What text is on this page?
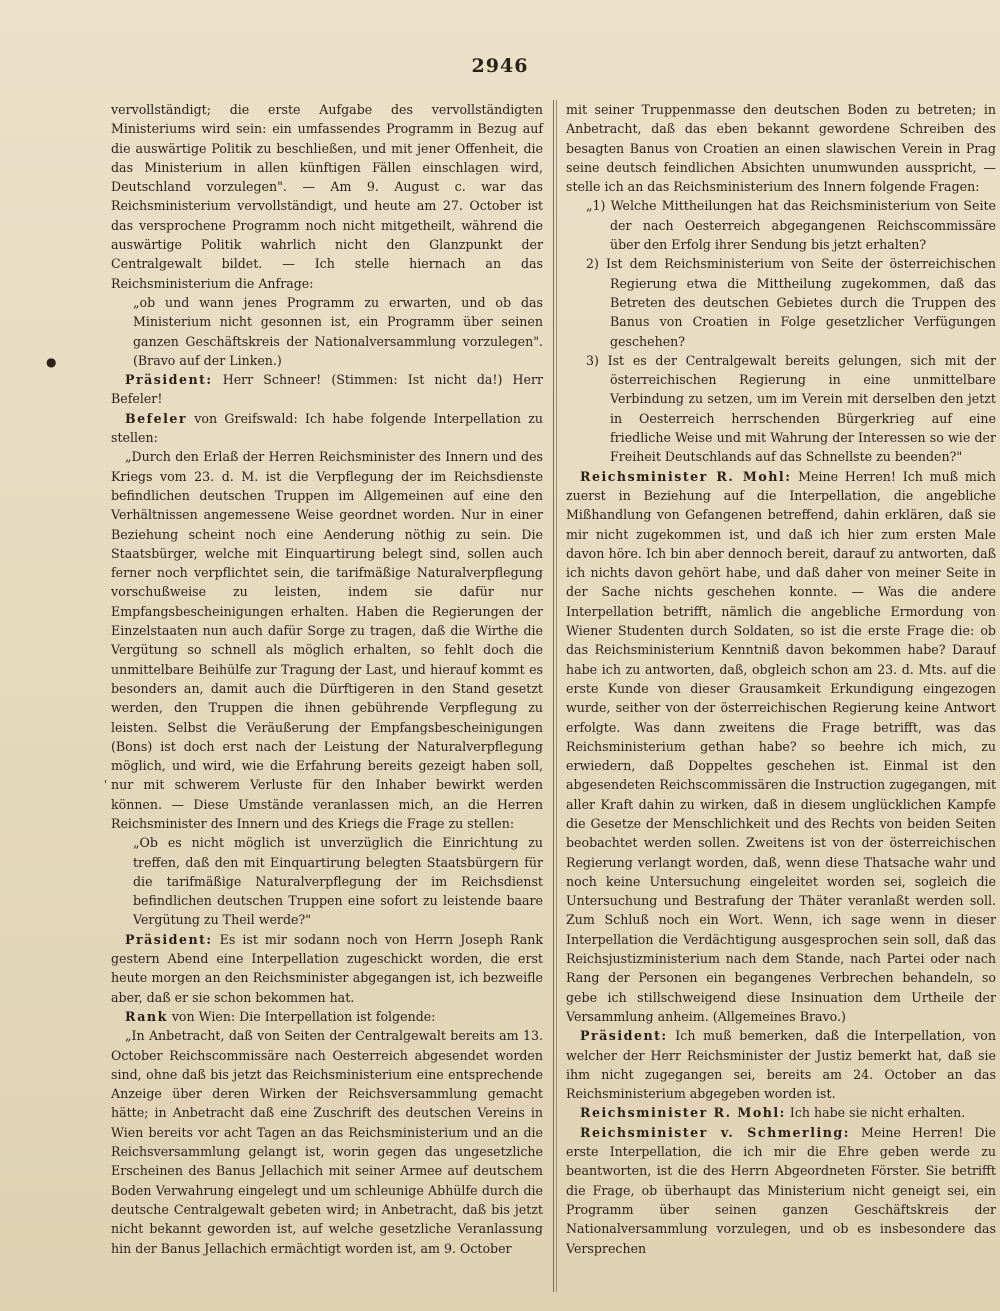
2946
●
'

vervollständigt; die erste Aufgabe des vervollständigten Ministeriums wird sein: ein umfassendes Programm in Bezug auf die auswärtige Politik zu beschließen, und mit jener Offenheit, die das Ministerium in allen künftigen Fällen einschlagen wird, Deutschland vorzulegen". — Am 9. August c. war das Reichsministerium vervollständigt, und heute am 27. October ist das versprochene Programm noch nicht mitgetheilt, während die auswärtige Politik wahrlich nicht den Glanzpunkt der Centralgewalt bildet. — Ich stelle hiernach an das Reichsministerium die Anfrage:

„ob und wann jenes Programm zu erwarten, und ob das Ministerium nicht gesonnen ist, ein Programm über seinen ganzen Geschäftskreis der Nationalversammlung vorzulegen". (Bravo auf der Linken.)

Präsident: Herr Schneer! (Stimmen: Ist nicht da!) Herr Befeler!

Befeler von Greifswald: Ich habe folgende Interpellation zu stellen:

„Durch den Erlaß der Herren Reichsminister des Innern und des Kriegs vom 23. d. M. ist die Verpflegung der im Reichsdienste befindlichen deutschen Truppen im Allgemeinen auf eine den Verhältnissen angemessene Weise geordnet worden. Nur in einer Beziehung scheint noch eine Aenderung nöthig zu sein. Die Staatsbürger, welche mit Einquartirung belegt sind, sollen auch ferner noch verpflichtet sein, die tarifmäßige Naturalverpflegung vorschußweise zu leisten, indem sie dafür nur Empfangsbescheinigungen erhalten. Haben die Regierungen der Einzelstaaten nun auch dafür Sorge zu tragen, daß die Wirthe die Vergütung so schnell als möglich erhalten, so fehlt doch die unmittelbare Beihülfe zur Tragung der Last, und hierauf kommt es besonders an, damit auch die Dürftigeren in den Stand gesetzt werden, den Truppen die ihnen gebührende Verpflegung zu leisten. Selbst die Veräußerung der Empfangsbescheinigungen (Bons) ist doch erst nach der Leistung der Naturalverpflegung möglich, und wird, wie die Erfahrung bereits gezeigt haben soll, nur mit schwerem Verluste für den Inhaber bewirkt werden können. — Diese Umstände veranlassen mich, an die Herren Reichsminister des Innern und des Kriegs die Frage zu stellen:

„Ob es nicht möglich ist unverzüglich die Einrichtung zu treffen, daß den mit Einquartirung belegten Staatsbürgern für die tarifmäßige Naturalverpflegung der im Reichsdienst befindlichen deutschen Truppen eine sofort zu leistende baare Vergütung zu Theil werde?"

Präsident: Es ist mir sodann noch von Herrn Joseph Rank gestern Abend eine Interpellation zugeschickt worden, die erst heute morgen an den Reichsminister abgegangen ist, ich bezweifle aber, daß er sie schon bekommen hat.

Rank von Wien: Die Interpellation ist folgende:

„In Anbetracht, daß von Seiten der Centralgewalt bereits am 13. October Reichscommissäre nach Oesterreich abgesendet worden sind, ohne daß bis jetzt das Reichsministerium eine entsprechende Anzeige über deren Wirken der Reichsversammlung gemacht hätte; in Anbetracht daß eine Zuschrift des deutschen Vereins in Wien bereits vor acht Tagen an das Reichsministerium und an die Reichsversammlung gelangt ist, worin gegen das ungesetzliche Erscheinen des Banus Jellachich mit seiner Armee auf deutschem Boden Verwahrung eingelegt und um schleunige Abhülfe durch die deutsche Centralgewalt gebeten wird; in Anbetracht, daß bis jetzt nicht bekannt geworden ist, auf welche gesetzliche Veranlassung hin der Banus Jellachich ermächtigt worden ist, am 9. October

mit seiner Truppenmasse den deutschen Boden zu betreten; in Anbetracht, daß das eben bekannt gewordene Schreiben des besagten Banus von Croatien an einen slawischen Verein in Prag seine deutsch feindlichen Absichten unumwunden ausspricht, — stelle ich an das Reichsministerium des Innern folgende Fragen:

„1) Welche Mittheilungen hat das Reichsministerium von Seite der nach Oesterreich abgegangenen Reichscommissäre über den Erfolg ihrer Sendung bis jetzt erhalten?

2) Ist dem Reichsministerium von Seite der österreichischen Regierung etwa die Mittheilung zugekommen, daß das Betreten des deutschen Gebietes durch die Truppen des Banus von Croatien in Folge gesetzlicher Verfügungen geschehen?

3) Ist es der Centralgewalt bereits gelungen, sich mit der österreichischen Regierung in eine unmittelbare Verbindung zu setzen, um im Verein mit derselben den jetzt in Oesterreich herrschenden Bürgerkrieg auf eine friedliche Weise und mit Wahrung der Interessen so wie der Freiheit Deutschlands auf das Schnellste zu beenden?"

Reichsminister R. Mohl: Meine Herren! Ich muß mich zuerst in Beziehung auf die Interpellation, die angebliche Mißhandlung von Gefangenen betreffend, dahin erklären, daß sie mir nicht zugekommen ist, und daß ich hier zum ersten Male davon höre. Ich bin aber dennoch bereit, darauf zu antworten, daß ich nichts davon gehört habe, und daß daher von meiner Seite in der Sache nichts geschehen konnte. — Was die andere Interpellation betrifft, nämlich die angebliche Ermordung von Wiener Studenten durch Soldaten, so ist die erste Frage die: ob das Reichsministerium Kenntniß davon bekommen habe? Darauf habe ich zu antworten, daß, obgleich schon am 23. d. Mts. auf die erste Kunde von dieser Grausamkeit Erkundigung eingezogen wurde, seither von der österreichischen Regierung keine Antwort erfolgte. Was dann zweitens die Frage betrifft, was das Reichsministerium gethan habe? so beehre ich mich, zu erwiedern, daß Doppeltes geschehen ist. Einmal ist den abgesendeten Reichscommissären die Instruction zugegangen, mit aller Kraft dahin zu wirken, daß in diesem unglücklichen Kampfe die Gesetze der Menschlichkeit und des Rechts von beiden Seiten beobachtet werden sollen. Zweitens ist von der österreichischen Regierung verlangt worden, daß, wenn diese Thatsache wahr und noch keine Untersuchung eingeleitet worden sei, sogleich die Untersuchung und Bestrafung der Thäter veranlaßt werden soll. Zum Schluß noch ein Wort. Wenn, ich sage wenn in dieser Interpellation die Verdächtigung ausgesprochen sein soll, daß das Reichsjustizministerium nach dem Stande, nach Partei oder nach Rang der Personen ein begangenes Verbrechen behandeln, so gebe ich stillschweigend diese Insinuation dem Urtheile der Versammlung anheim. (Allgemeines Bravo.)

Präsident: Ich muß bemerken, daß die Interpellation, von welcher der Herr Reichsminister der Justiz bemerkt hat, daß sie ihm nicht zugegangen sei, bereits am 24. October an das Reichsministerium abgegeben worden ist.

Reichsminister R. Mohl: Ich habe sie nicht erhalten.

Reichsminister v. Schmerling: Meine Herren! Die erste Interpellation, die ich mir die Ehre geben werde zu beantworten, ist die des Herrn Abgeordneten Förster. Sie betrifft die Frage, ob überhaupt das Ministerium nicht geneigt sei, ein Programm über seinen ganzen Geschäftskreis der Nationalversammlung vorzulegen, und ob es insbesondere das Versprechen
